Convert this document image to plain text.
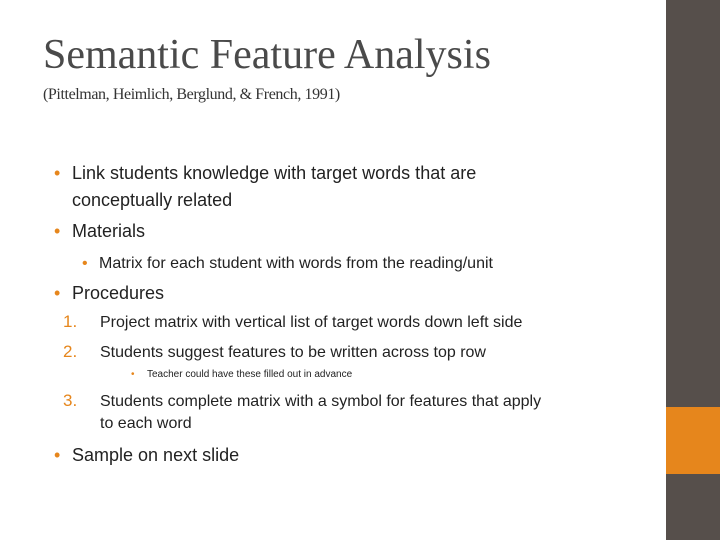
Semantic Feature Analysis
(Pittelman, Heimlich, Berglund, & French, 1991)
• Link students knowledge with target words that are
conceptually related
• Materials
• Matrix for each student with words from the reading/unit
• Procedures
1. Project matrix with vertical list of target words down left side
2. Students suggest features to be written across top row
• Teacher could have these filled out in advance
3. Students complete matrix with a symbol for features that apply
to each word
• Sample on next slide
